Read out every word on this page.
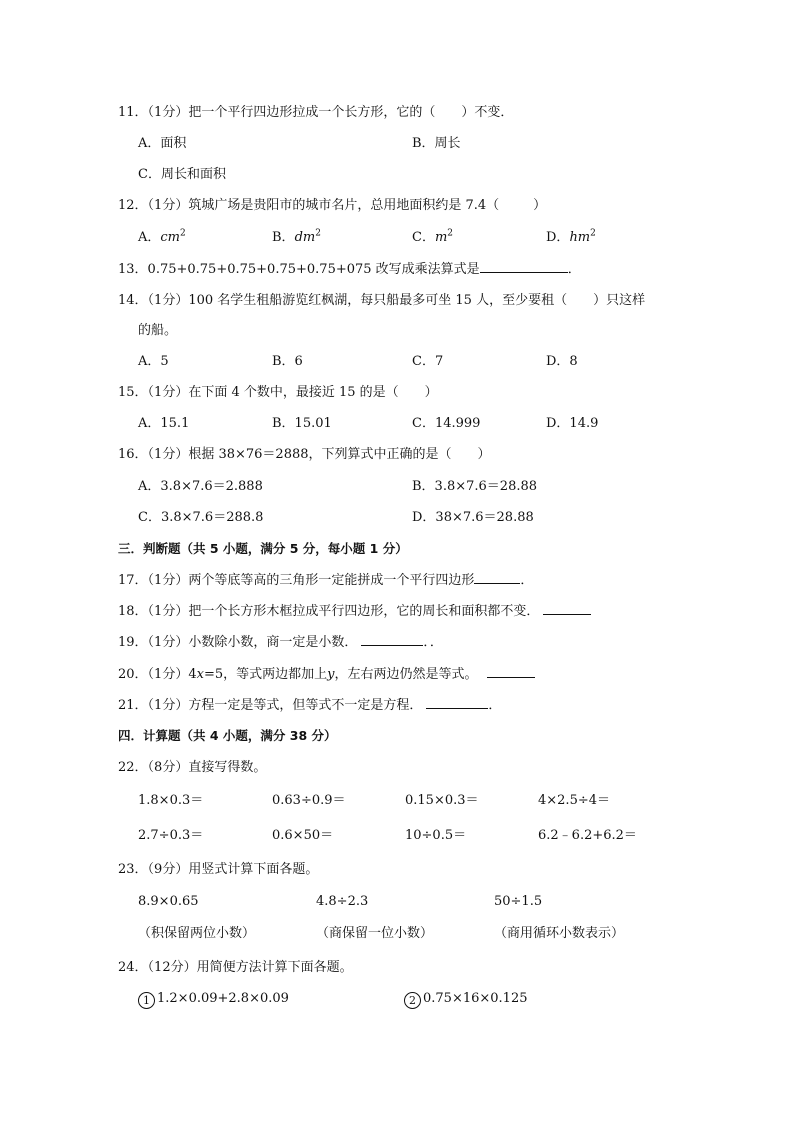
11．（1分）把一个平行四边形拉成一个长方形，它的（　　）不变．
A．面积	B．周长
C．周长和面积
12．（1分）筑城广场是贵阳市的城市名片，总用地面积约是 7.4（	）
A．$cm^2$	B．$dm^2$	C．$m^2$	D．$hm^2$
13．0.75+0.75+0.75+0.75+0.75+075 改写成乘法算式是	．
14．（1分）100 名学生租船游览红枫湖，每只船最多可坐 15 人，至少要租（　　）只这样
的船。
A．5	B．6	C．7	D．8
15．（1分）在下面 4 个数中，最接近 15 的是（　　）
A．15.1	B．15.01	C．14.999	D．14.9
16．（1分）根据 38×76＝2888，下列算式中正确的是（　　）
A．3.8×7.6＝2.888	B．3.8×7.6＝28.88
C．3.8×7.6＝288.8	D．38×7.6＝28.88
三．判断题（共 5 小题，满分 5 分，每小题 1 分）
17．（1分）两个等底等高的三角形一定能拼成一个平行四边形	．
18．（1分）把一个长方形木框拉成平行四边形，它的周长和面积都不变．
19．（1分）小数除小数，商一定是小数．	．．
20．（1分）4x=5，等式两边都加上y，左右两边仍然是等式。
21．（1分）方程一定是等式，但等式不一定是方程．	．
四．计算题（共 4 小题，满分 38 分）
22．（8分）直接写得数。
1.8×0.3＝	0.63÷0.9＝	0.15×0.3＝	4×2.5÷4＝
2.7÷0.3＝	0.6×50＝	10÷0.5＝	6.2﹣6.2+6.2＝
23．（9分）用竖式计算下面各题。
8.9×0.65	4.8÷2.3	50÷1.5
（积保留两位小数）	（商保留一位小数）	（商用循环小数表示）
24．（12分）用简便方法计算下面各题。
1 1.2×0.09+2.8×0.09	2 0.75×16×0.125
